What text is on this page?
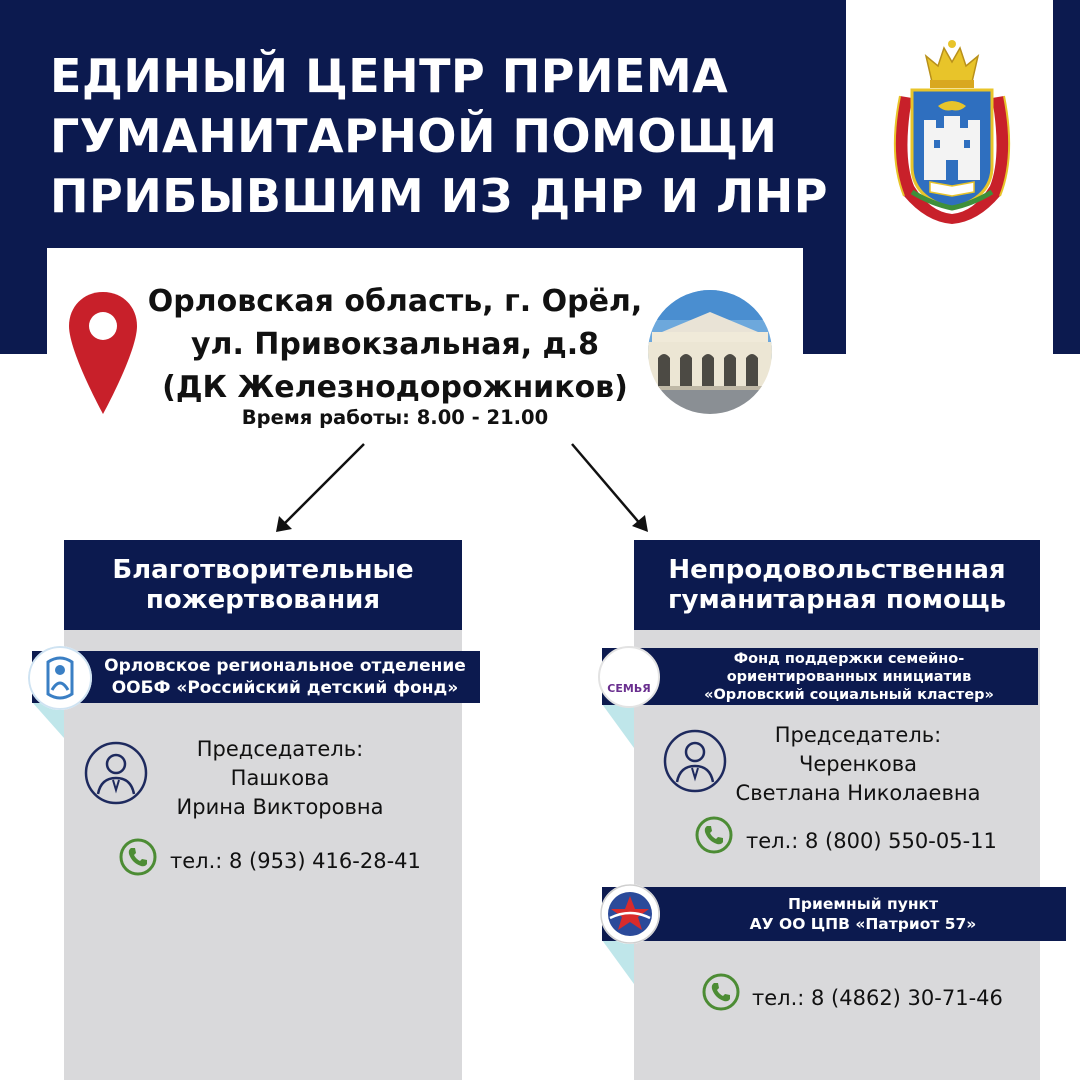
ЕДИНЫЙ ЦЕНТР ПРИЕМА
ГУМАНИТАРНОЙ ПОМОЩИ
ПРИБЫВШИМ ИЗ ДНР И ЛНР
Орловская область, г. Орёл,
ул. Привокзальная, д.8
(ДК Железнодорожников)
Время работы: 8.00 - 21.00
Благотворительные
пожертвования
Орловское региональное отделение
ООБФ «Российский детский фонд»
Председатель:
Пашкова
Ирина Викторовна
тел.: 8 (953) 416-28-41
Непродовольственная
гуманитарная помощь
Фонд поддержки семейно-
ориентированных инициатив
«Орловский социальный кластер»
СЕМЬЯ
Председатель:
Черенкова
Светлана Николаевна
тел.: 8 (800) 550-05-11
Приемный пункт
АУ ОО ЦПВ «Патриот 57»
тел.: 8 (4862) 30-71-46
